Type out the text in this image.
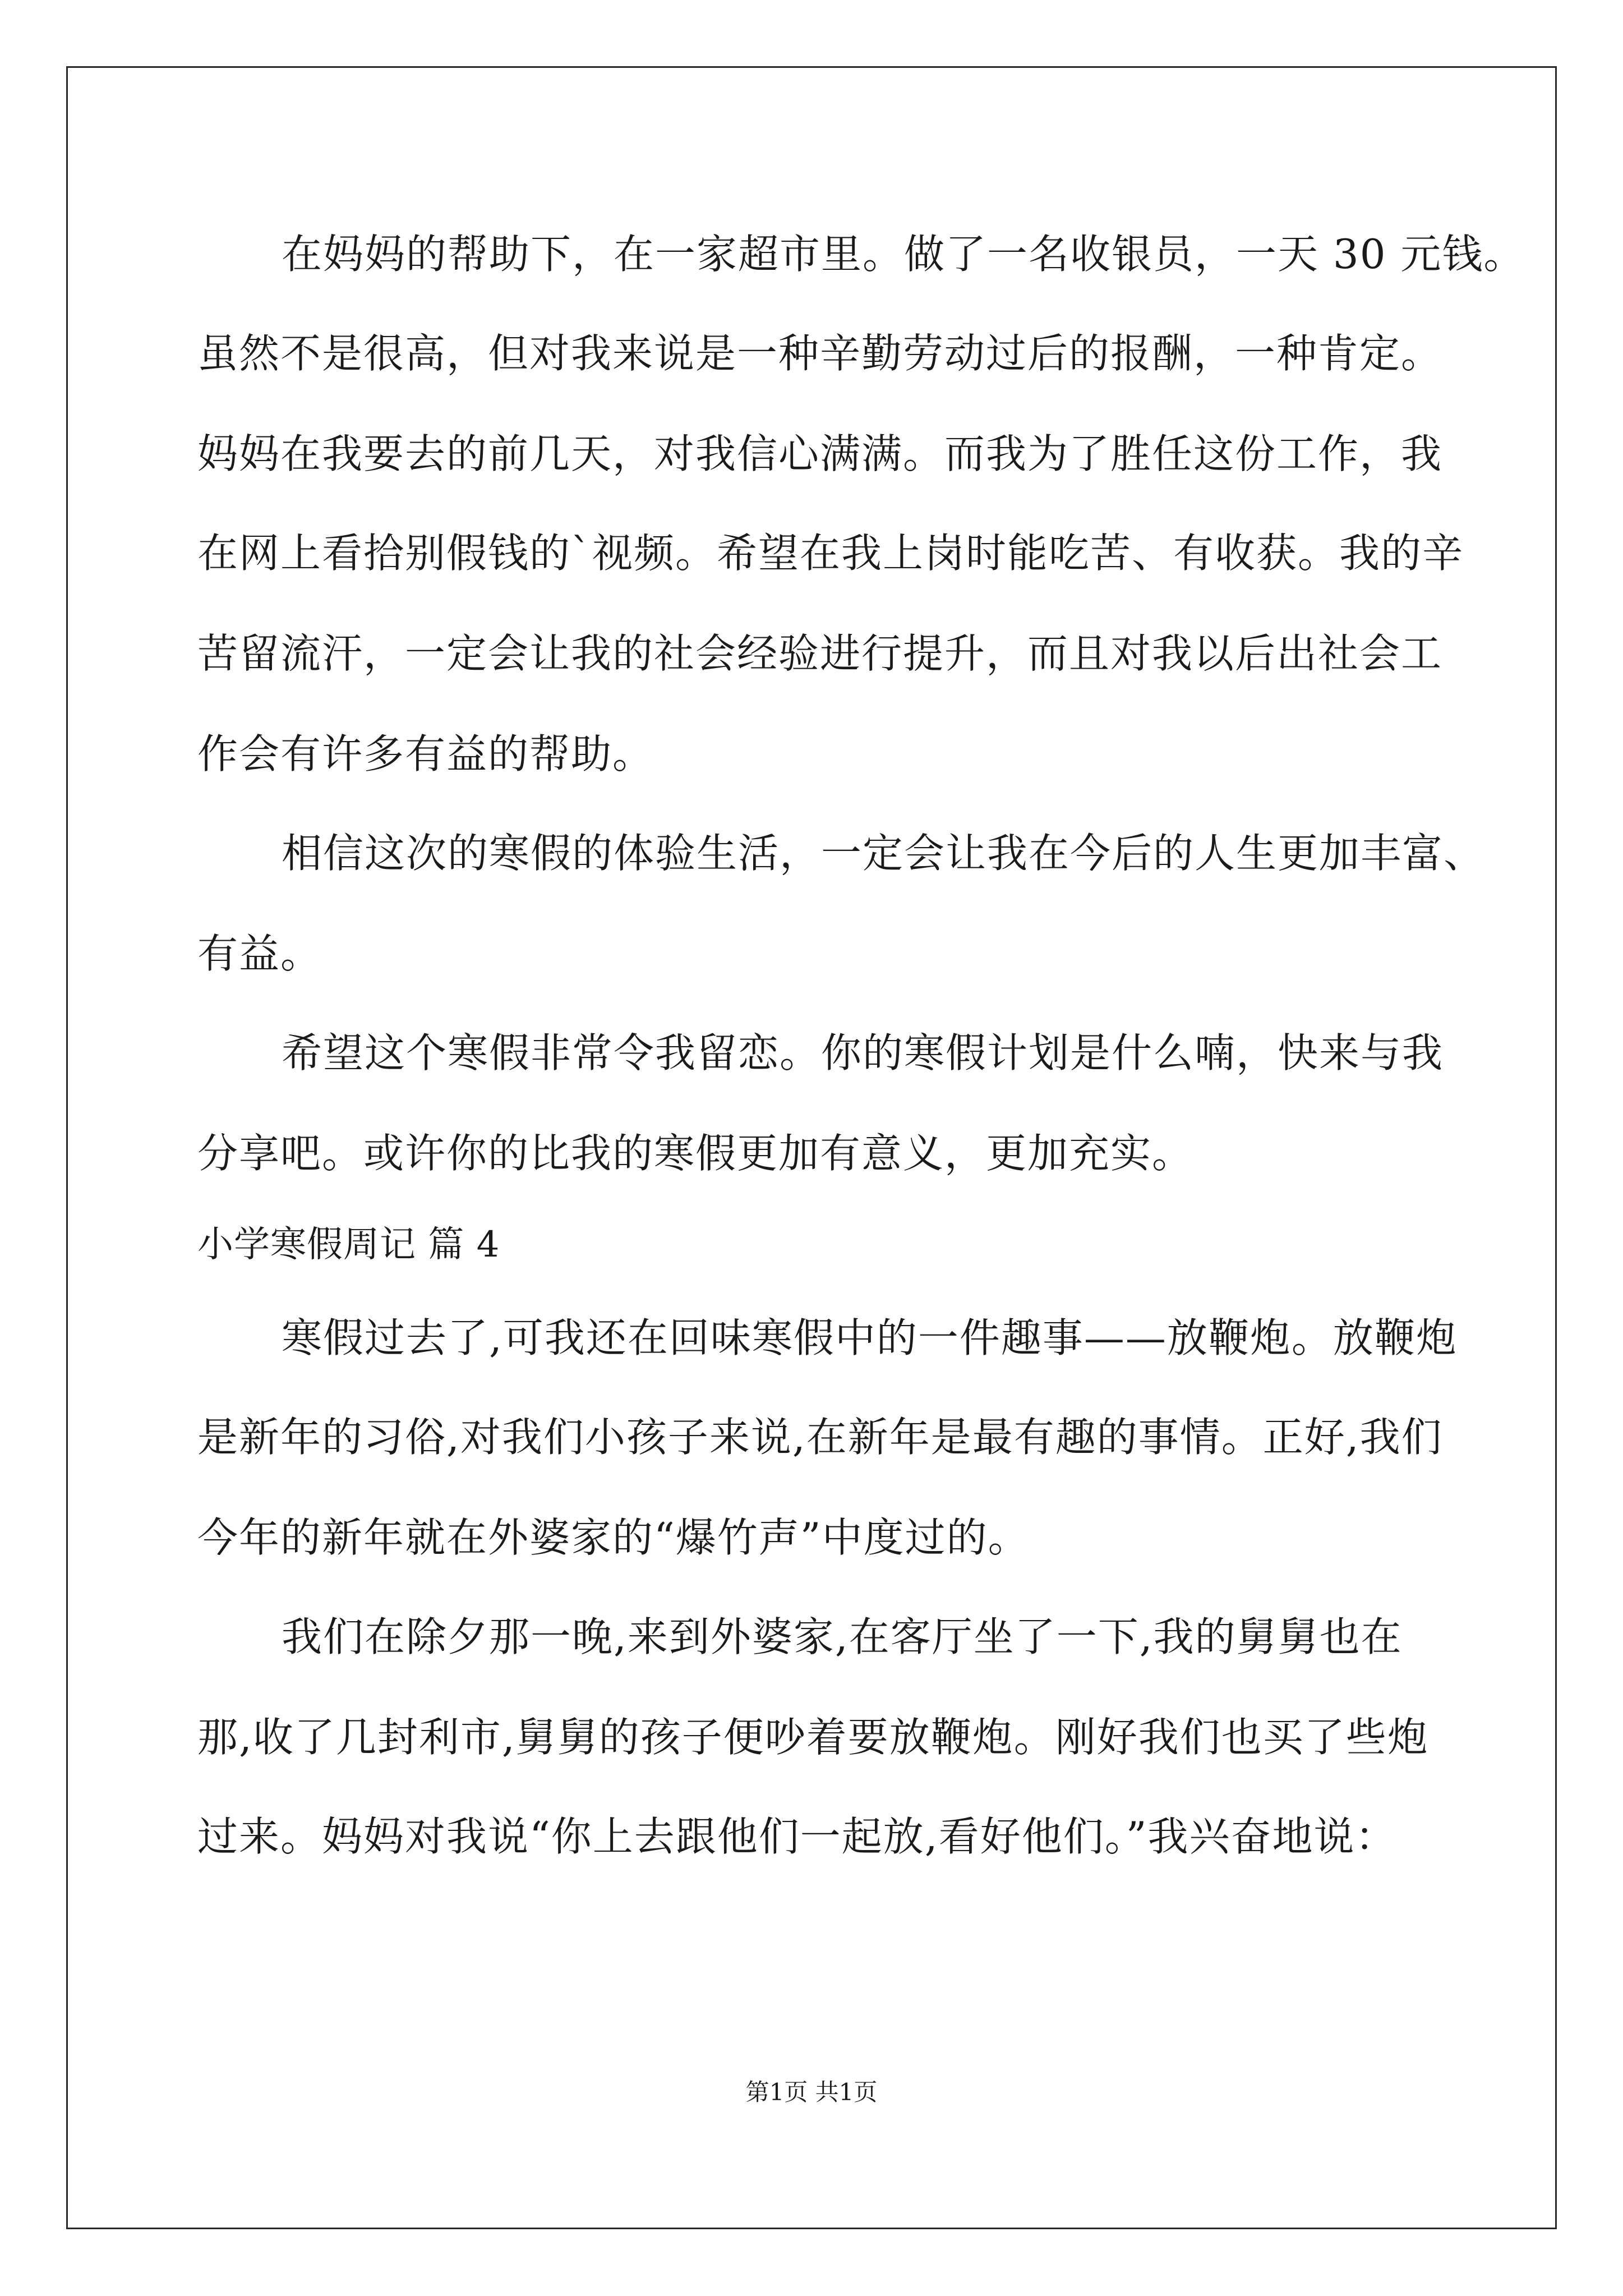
在妈妈的帮助下，在一家超市里。做了一名收银员，一天 30 元钱。
虽然不是很高，但对我来说是一种辛勤劳动过后的报酬，一种肯定。
妈妈在我要去的前几天，对我信心满满。而我为了胜任这份工作，我
在网上看拾别假钱的`视频。希望在我上岗时能吃苦、有收获。我的辛
苦留流汗，一定会让我的社会经验进行提升，而且对我以后出社会工
作会有许多有益的帮助。
相信这次的寒假的体验生活，一定会让我在今后的人生更加丰富、
有益。
希望这个寒假非常令我留恋。你的寒假计划是什么喃，快来与我
分享吧。或许你的比我的寒假更加有意义，更加充实。
小学寒假周记 篇 4
寒假过去了,可我还在回味寒假中的一件趣事——放鞭炮。放鞭炮
是新年的习俗,对我们小孩子来说,在新年是最有趣的事情。正好,我们
今年的新年就在外婆家的“爆竹声”中度过的。
我们在除夕那一晚,来到外婆家,在客厅坐了一下,我的舅舅也在
那,收了几封利市,舅舅的孩子便吵着要放鞭炮。刚好我们也买了些炮
过来。妈妈对我说“你上去跟他们一起放,看好他们。”我兴奋地说：
第1页 共1页
